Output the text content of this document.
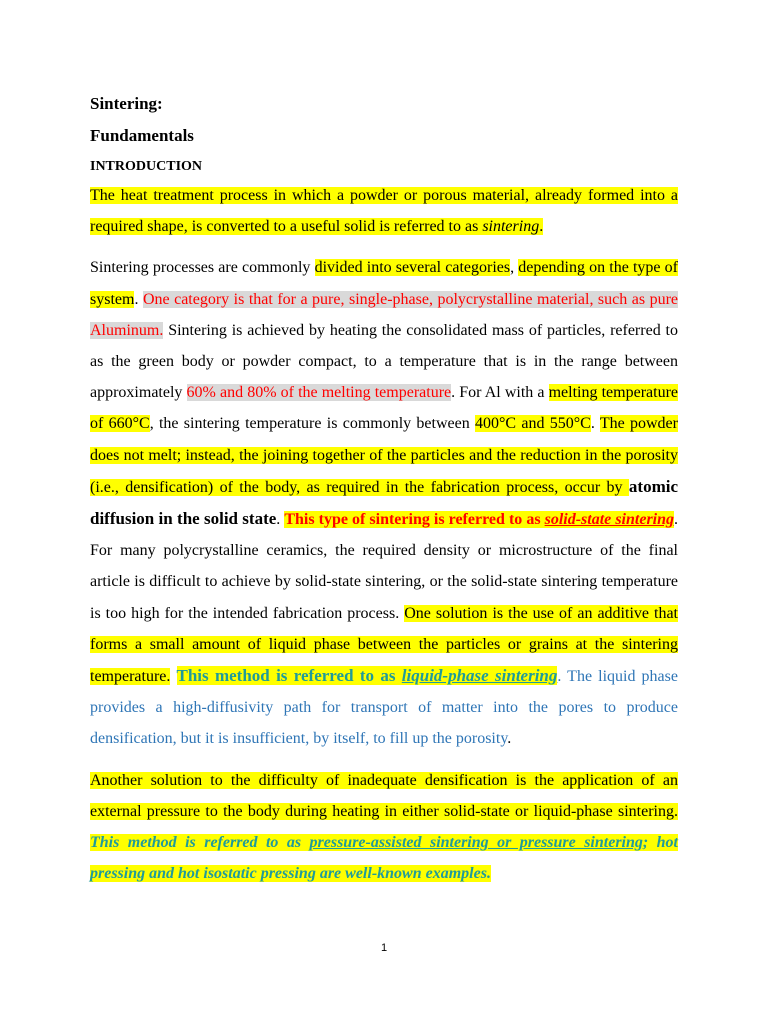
Sintering:

Fundamentals

INTRODUCTION

The heat treatment process in which a powder or porous material, already formed into a required shape, is converted to a useful solid is referred to as sintering.

Sintering processes are commonly divided into several categories, depending on the type of system. One category is that for a pure, single-phase, polycrystalline material, such as pure Aluminum. Sintering is achieved by heating the consolidated mass of particles, referred to as the green body or powder compact, to a temperature that is in the range between approximately 60% and 80% of the melting temperature. For Al with a melting temperature of 660°C, the sintering temperature is commonly between 400°C and 550°C. The powder does not melt; instead, the joining together of the particles and the reduction in the porosity (i.e., densification) of the body, as required in the fabrication process, occur by atomic diffusion in the solid state. This type of sintering is referred to as solid-state sintering. For many polycrystalline ceramics, the required density or microstructure of the final article is difficult to achieve by solid-state sintering, or the solid-state sintering temperature is too high for the intended fabrication process. One solution is the use of an additive that forms a small amount of liquid phase between the particles or grains at the sintering temperature. This method is referred to as liquid-phase sintering. The liquid phase provides a high-diffusivity path for transport of matter into the pores to produce densification, but it is insufficient, by itself, to fill up the porosity.

Another solution to the difficulty of inadequate densification is the application of an external pressure to the body during heating in either solid-state or liquid-phase sintering. This method is referred to as pressure-assisted sintering or pressure sintering; hot pressing and hot isostatic pressing are well-known examples.

1
